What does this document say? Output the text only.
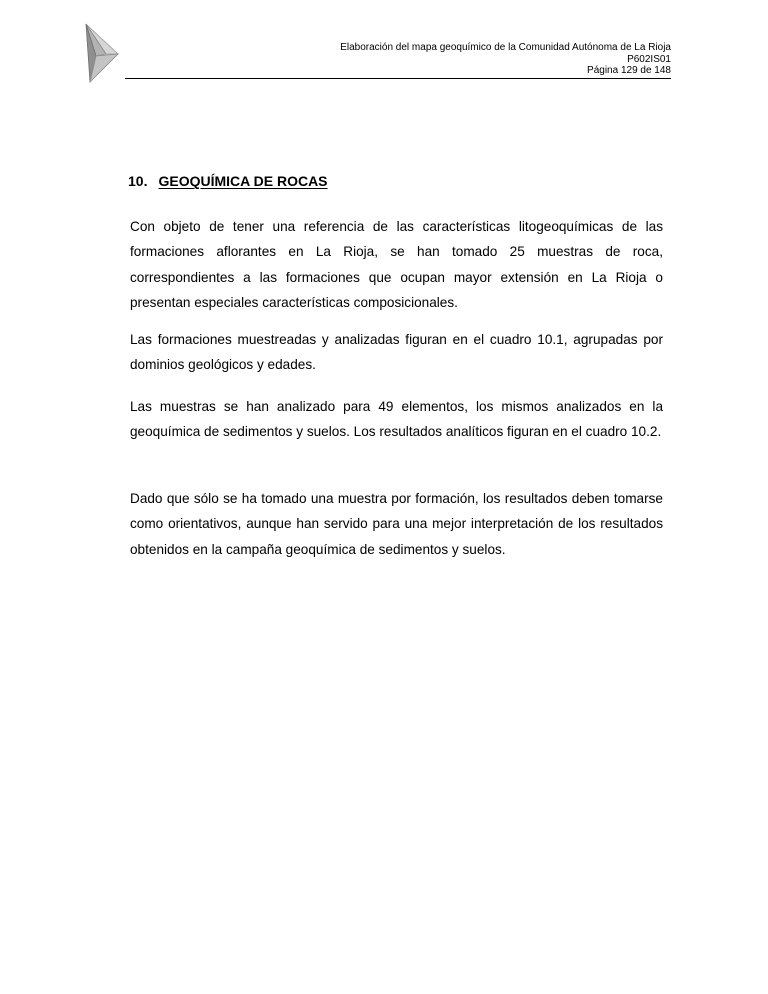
Elaboración del mapa geoquímico de la Comunidad Autónoma de La Rioja
P602IS01
Página 129 de 148
10. GEOQUÍMICA DE ROCAS

Con objeto de tener una referencia de las características litogeoquímicas de las formaciones aflorantes en La Rioja, se han tomado 25 muestras de roca, correspondientes a las formaciones que ocupan mayor extensión en La Rioja o presentan especiales características composicionales.

Las formaciones muestreadas y analizadas figuran en el cuadro 10.1, agrupadas por dominios geológicos y edades.

Las muestras se han analizado para 49 elementos, los mismos analizados en la geoquímica de sedimentos y suelos. Los resultados analíticos figuran en el cuadro 10.2.

Dado que sólo se ha tomado una muestra por formación, los resultados deben tomarse como orientativos, aunque han servido para una mejor interpretación de los resultados obtenidos en la campaña geoquímica de sedimentos y suelos.
